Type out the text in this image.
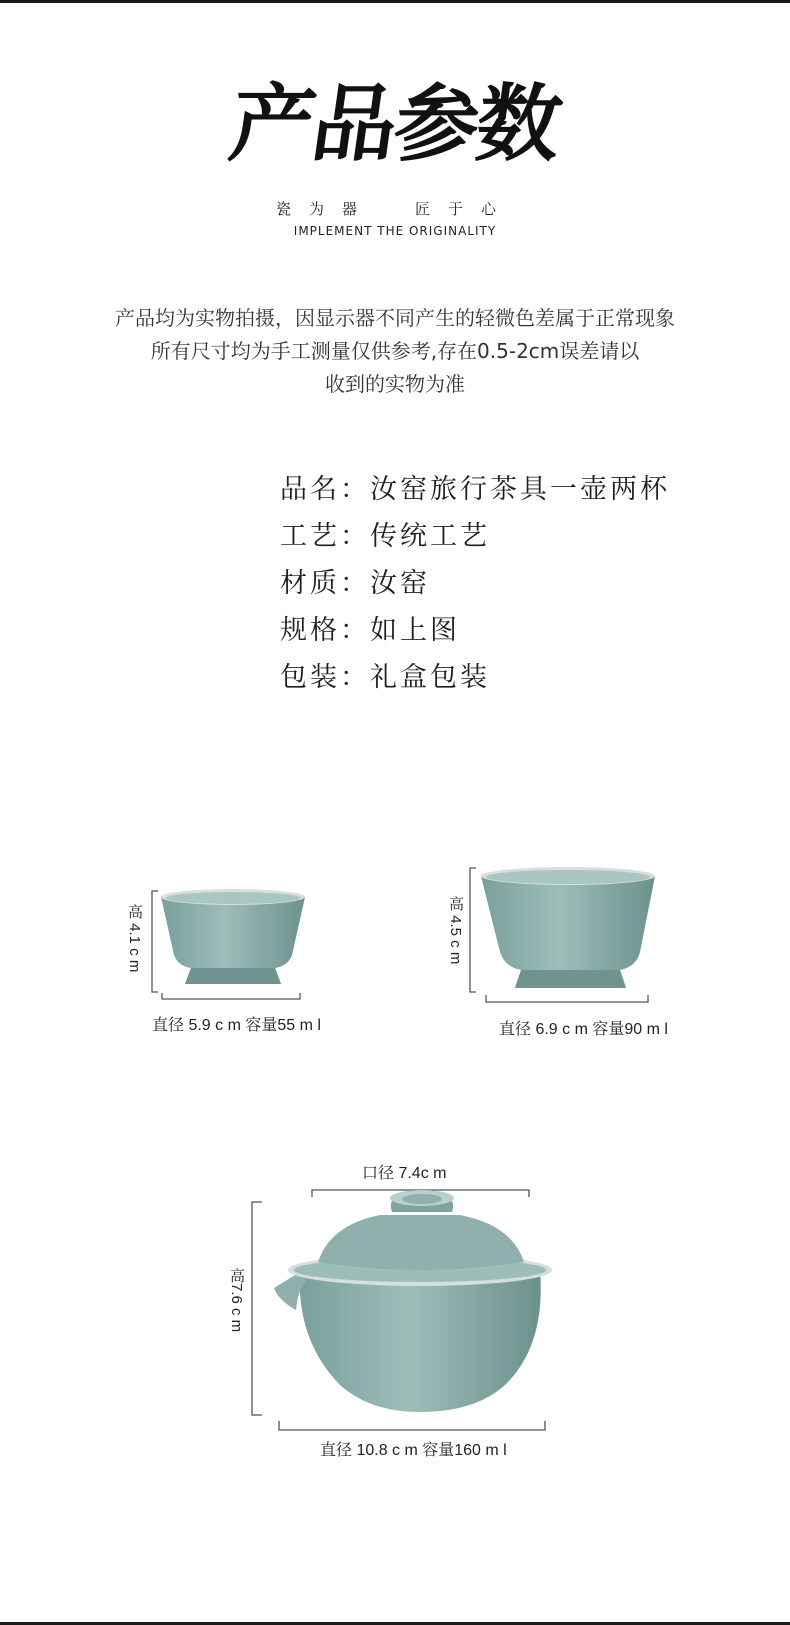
产品参数
瓷为器	匠于心
IMPLEMENT THE ORIGINALITY
产品均为实物拍摄，因显示器不同产生的轻微色差属于正常现象
所有尺寸均为手工测量仅供参考,存在0.5-2cm误差请以
收到的实物为准
品名：汝窑旅行茶具一壶两杯
工艺：传统工艺
材质：汝窑
规格：如上图
包装：礼盒包装
高 4.1 c m
直径 5.9 c m 容量55 m l
高 4.5 c m
直径 6.9 c m 容量90 m l
口径 7.4c m
高7.6 c m
直径 10.8 c m 容量160 m l
